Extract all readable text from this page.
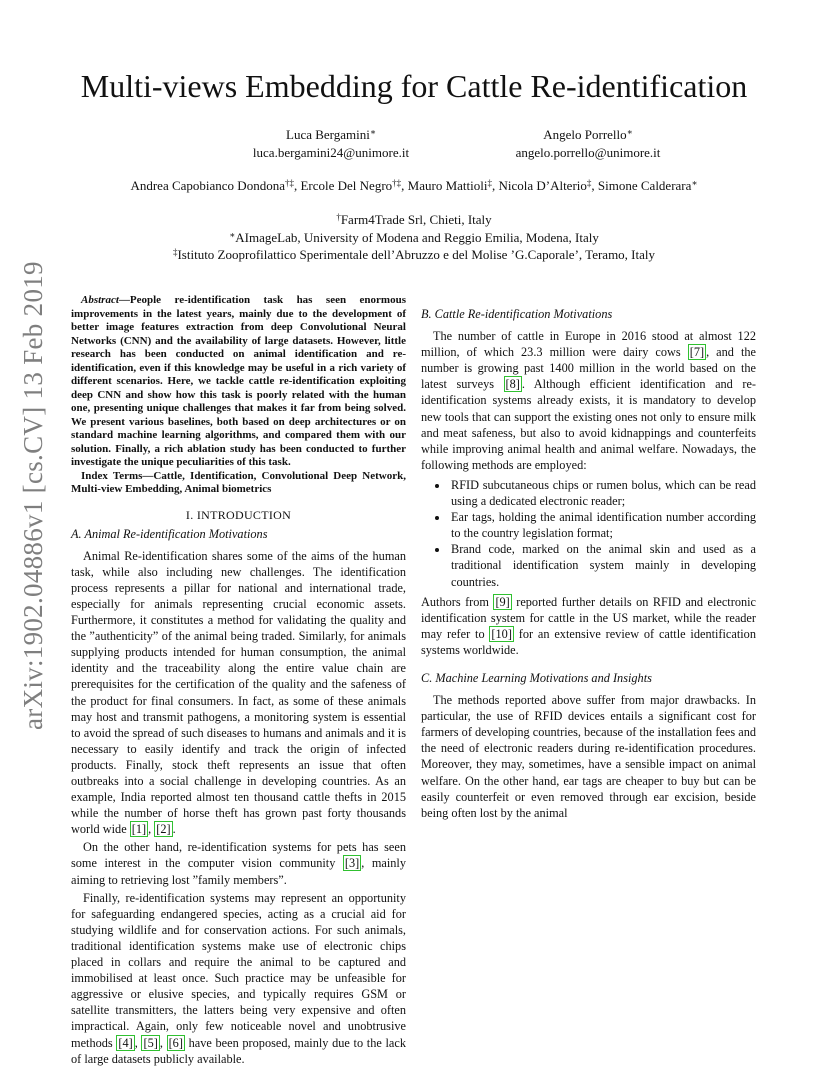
arXiv:1902.04886v1 [cs.CV] 13 Feb 2019
Multi-views Embedding for Cattle Re-identification
Luca Bergamini∗
luca.bergamini24@unimore.it
Angelo Porrello∗
angelo.porrello@unimore.it
Andrea Capobianco Dondona†‡, Ercole Del Negro†‡, Mauro Mattioli‡, Nicola D’Alterio‡, Simone Calderara∗
†Farm4Trade Srl, Chieti, Italy
∗AImageLab, University of Modena and Reggio Emilia, Modena, Italy
‡Istituto Zooprofilattico Sperimentale dell’Abruzzo e del Molise ’G.Caporale’, Teramo, Italy
Abstract—People re-identification task has seen enormous improvements in the latest years, mainly due to the development of better image features extraction from deep Convolutional Neural Networks (CNN) and the availability of large datasets. However, little research has been conducted on animal identification and re-identification, even if this knowledge may be useful in a rich variety of different scenarios. Here, we tackle cattle re-identification exploiting deep CNN and show how this task is poorly related with the human one, presenting unique challenges that makes it far from being solved. We present various baselines, both based on deep architectures or on standard machine learning algorithms, and compared them with our solution. Finally, a rich ablation study has been conducted to further investigate the unique peculiarities of this task.
Index Terms—Cattle, Identification, Convolutional Deep Network, Multi-view Embedding, Animal biometrics
I. INTRODUCTION
A. Animal Re-identification Motivations

Animal Re-identification shares some of the aims of the human task, while also including new challenges. The identification process represents a pillar for national and international trade, especially for animals representing crucial economic assets. Furthermore, it constitutes a method for validating the quality and the ”authenticity” of the animal being traded. Similarly, for animals supplying products intended for human consumption, the animal identity and the traceability along the entire value chain are prerequisites for the certification of the quality and the safeness of the product for final consumers. In fact, as some of these animals may host and transmit pathogens, a monitoring system is essential to avoid the spread of such diseases to humans and animals and it is necessary to easily identify and track the origin of infected products. Finally, stock theft represents an issue that often outbreaks into a social challenge in developing countries. As an example, India reported almost ten thousand cattle thefts in 2015 while the number of horse theft has grown past forty thousands world wide [1] , [2] .

On the other hand, re-identification systems for pets has seen some interest in the computer vision community [3] , mainly aiming to retrieving lost ”family members”.

Finally, re-identification systems may represent an opportunity for safeguarding endangered species, acting as a crucial aid for studying wildlife and for conservation actions. For such animals, traditional identification systems make use of electronic chips placed in collars and require the animal to be captured and immobilised at least once. Such practice may be unfeasible for aggressive or elusive species, and typically requires GSM or satellite transmitters, the latters being very expensive and often impractical. Again, only few noticeable novel and unobtrusive methods [4] , [5] , [6] have been proposed, mainly due to the lack of large datasets publicly available.

B. Cattle Re-identification Motivations

The number of cattle in Europe in 2016 stood at almost 122 million, of which 23.3 million were dairy cows [7] , and the number is growing past 1400 million in the world based on the latest surveys [8] . Although efficient identification and re-identification systems already exists, it is mandatory to develop new tools that can support the existing ones not only to ensure milk and meat safeness, but also to avoid kidnappings and counterfeits while improving animal health and animal welfare. Nowadays, the following methods are employed:

• RFID subcutaneous chips or rumen bolus, which can be read using a dedicated electronic reader;
• Ear tags, holding the animal identification number according to the country legislation format;
• Brand code, marked on the animal skin and used as a traditional identification system mainly in developing countries.

Authors from [9] reported further details on RFID and electronic identification system for cattle in the US market, while the reader may refer to [10] for an extensive review of cattle identification systems worldwide.

C. Machine Learning Motivations and Insights

The methods reported above suffer from major drawbacks. In particular, the use of RFID devices entails a significant cost for farmers of developing countries, because of the installation fees and the need of electronic readers during re-identification procedures. Moreover, they may, sometimes, have a sensible impact on animal welfare. On the other hand, ear tags are cheaper to buy but can be easily counterfeit or even removed through ear excision, beside being often lost by the animal
